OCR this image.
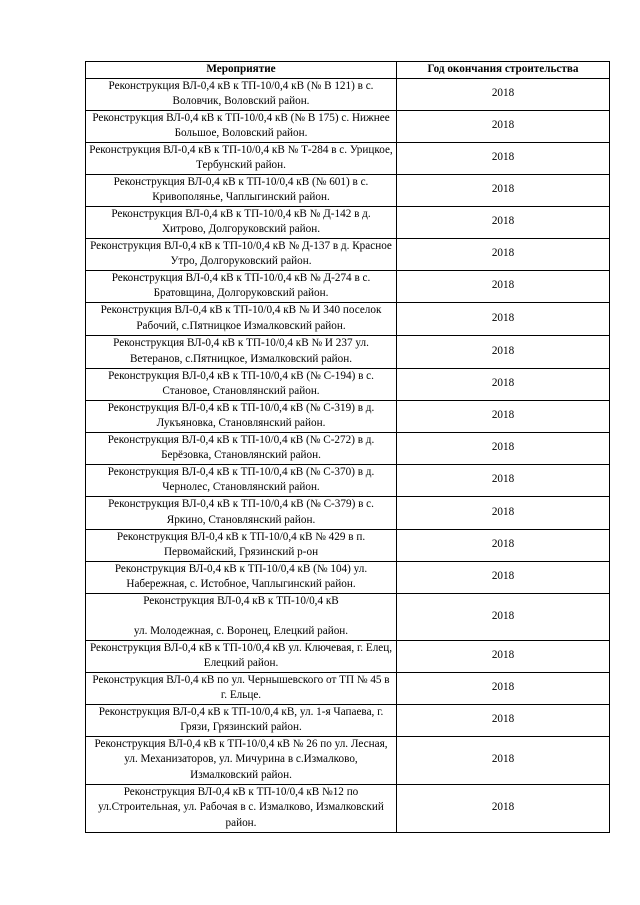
Мероприятие	Год окончания строительства
Реконструкция ВЛ-0,4 кВ к ТП-10/0,4 кВ (№ В 121) в с. Воловчик, Воловский район.	2018
Реконструкция ВЛ-0,4 кВ к ТП-10/0,4 кВ (№ В 175) с. Нижнее Большое, Воловский район.	2018
Реконструкция ВЛ-0,4 кВ к ТП-10/0,4 кВ № Т-284 в с. Урицкое, Тербунский район.	2018
Реконструкция ВЛ-0,4 кВ к ТП-10/0,4 кВ (№ 601) в с. Кривополянье, Чаплыгинский район.	2018
Реконструкция ВЛ-0,4 кВ к ТП-10/0,4 кВ № Д-142 в д. Хитрово, Долгоруковский район.	2018
Реконструкция ВЛ-0,4 кВ к ТП-10/0,4 кВ № Д-137 в д. Красное Утро, Долгоруковский район.	2018
Реконструкция ВЛ-0,4 кВ к ТП-10/0,4 кВ № Д-274 в с. Братовщина, Долгоруковский район.	2018
Реконструкция ВЛ-0,4 кВ к ТП-10/0,4 кВ № И 340 поселок Рабочий, с.Пятницкое Измалковский район.	2018
Реконструкция ВЛ-0,4 кВ к ТП-10/0,4 кВ № И 237 ул. Ветеранов, с.Пятницкое, Измалковский район.	2018
Реконструкция ВЛ-0,4 кВ к ТП-10/0,4 кВ (№ С-194) в с. Становое, Становлянский район.	2018
Реконструкция ВЛ-0,4 кВ к ТП-10/0,4 кВ (№ С-319) в д. Лукъяновка, Становлянский район.	2018
Реконструкция ВЛ-0,4 кВ к ТП-10/0,4 кВ (№ С-272) в д. Берёзовка, Становлянский район.	2018
Реконструкция ВЛ-0,4 кВ к ТП-10/0,4 кВ (№ С-370) в д. Чернолес, Становлянский район.	2018
Реконструкция ВЛ-0,4 кВ к ТП-10/0,4 кВ (№ С-379) в с. Яркино, Становлянский район.	2018
Реконструкция ВЛ-0,4 кВ к ТП-10/0,4 кВ № 429 в п. Первомайский, Грязинский р-он	2018
Реконструкция ВЛ-0,4 кВ к ТП-10/0,4 кВ (№ 104) ул. Набережная, с. Истобное, Чаплыгинский район.	2018
Реконструкция ВЛ-0,4 кВ к ТП-10/0,4 кВ
ул. Молодежная, с. Воронец, Елецкий район.	2018
Реконструкция ВЛ-0,4 кВ к ТП-10/0,4 кВ ул. Ключевая, г. Елец, Елецкий район.	2018
Реконструкция ВЛ-0,4 кВ по ул. Чернышевского от ТП № 45 в г. Ельце.	2018
Реконструкция ВЛ-0,4 кВ к ТП-10/0,4 кВ, ул. 1-я Чапаева, г. Грязи, Грязинский район.	2018
Реконструкция ВЛ-0,4 кВ к ТП-10/0,4 кВ № 26 по ул. Лесная, ул. Механизаторов, ул. Мичурина в с.Измалково, Измалковский район.	2018
Реконструкция ВЛ-0,4 кВ к ТП-10/0,4 кВ №12 по ул.Строительная, ул. Рабочая в с. Измалково, Измалковский район.	2018
